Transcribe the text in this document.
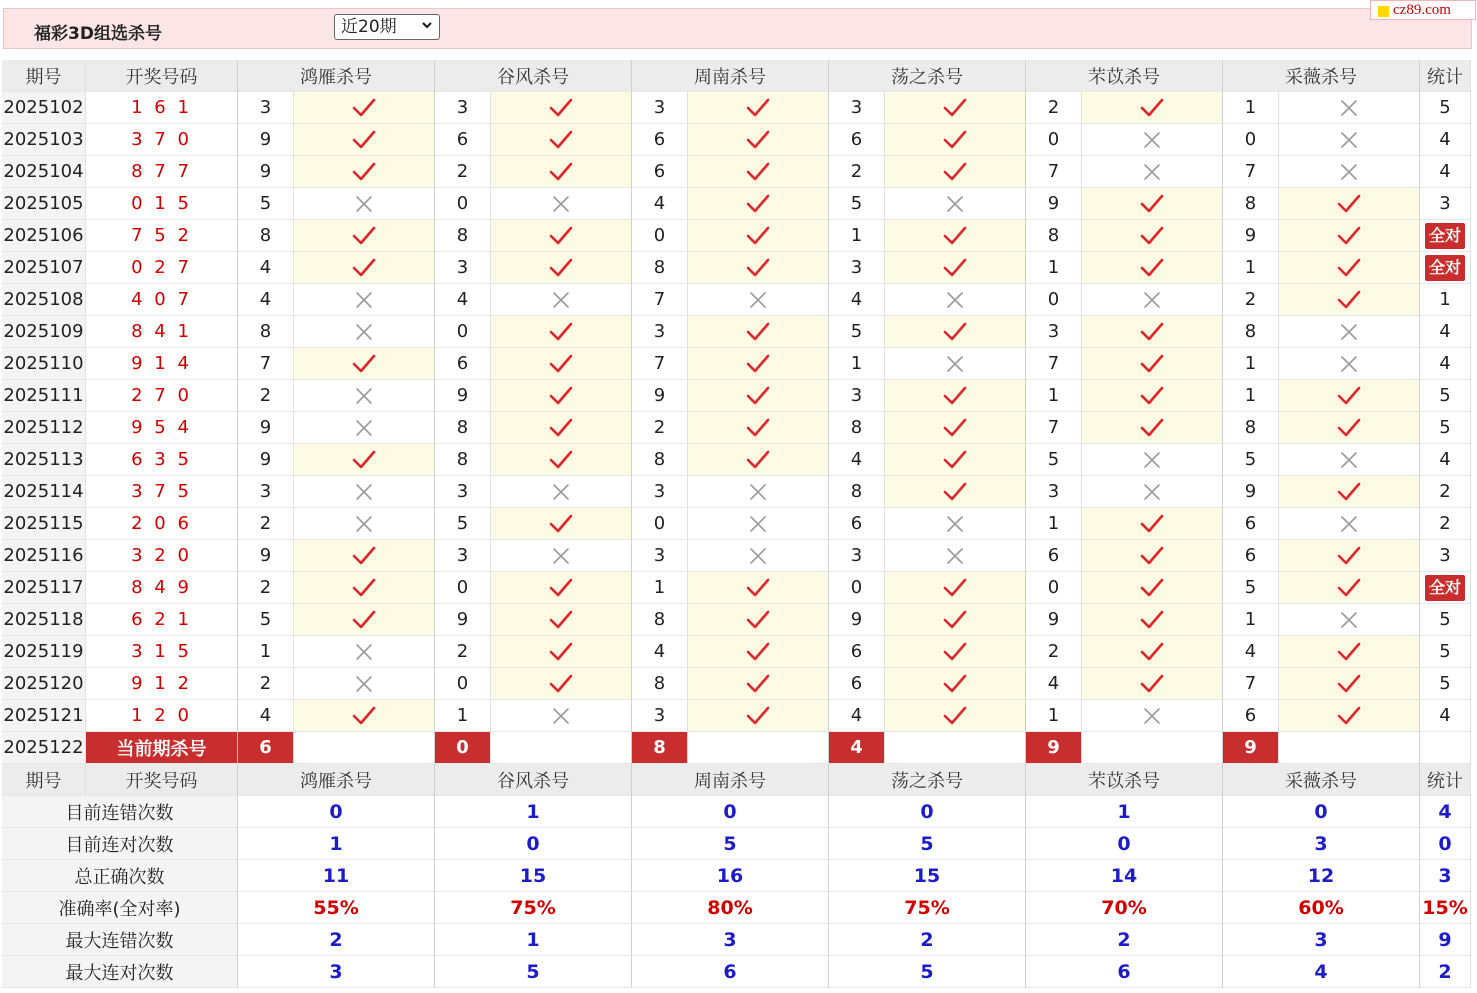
福彩3D组选杀号	近20期
cz89.com
期号	开奖号码	鸿雁杀号		谷风杀号		周南杀号		荡之杀号		芣苡杀号		采薇杀号		统计
2025102	1 6 1	3		3		3		3		2		1		5
2025103	3 7 0	9		6		6		6		0		0		4
2025104	8 7 7	9		2		6		2		7		7		4
2025105	0 1 5	5		0		4		5		9		8		3
2025106	7 5 2	8		8		0		1		8		9		全对
2025107	0 2 7	4		3		8		3		1		1		全对
2025108	4 0 7	4		4		7		4		0		2		1
2025109	8 4 1	8		0		3		5		3		8		4
2025110	9 1 4	7		6		7		1		7		1		4
2025111	2 7 0	2		9		9		3		1		1		5
2025112	9 5 4	9		8		2		8		7		8		5
2025113	6 3 5	9		8		8		4		5		5		4
2025114	3 7 5	3		3		3		8		3		9		2
2025115	2 0 6	2		5		0		6		1		6		2
2025116	3 2 0	9		3		3		3		6		6		3
2025117	8 4 9	2		0		1		0		0		5		全对
2025118	6 2 1	5		9		8		9		9		1		5
2025119	3 1 5	1		2		4		6		2		4		5
2025120	9 1 2	2		0		8		6		4		7		5
2025121	1 2 0	4		1		3		4		1		6		4
2025122	当前期杀号	6		0		8		4		9		9		
期号	开奖号码	鸿雁杀号		谷风杀号		周南杀号		荡之杀号		芣苡杀号		采薇杀号		统计
目前连错次数		0		1		0		0		1		0		4
目前连对次数		1		0		5		5		0		3		0
总正确次数		11		15		16		15		14		12		3
准确率(全对率)		55%		75%		80%		75%		70%		60%		15%
最大连错次数		2		1		3		2		2		3		9
最大连对次数		3		5		6		5		6		4		2
